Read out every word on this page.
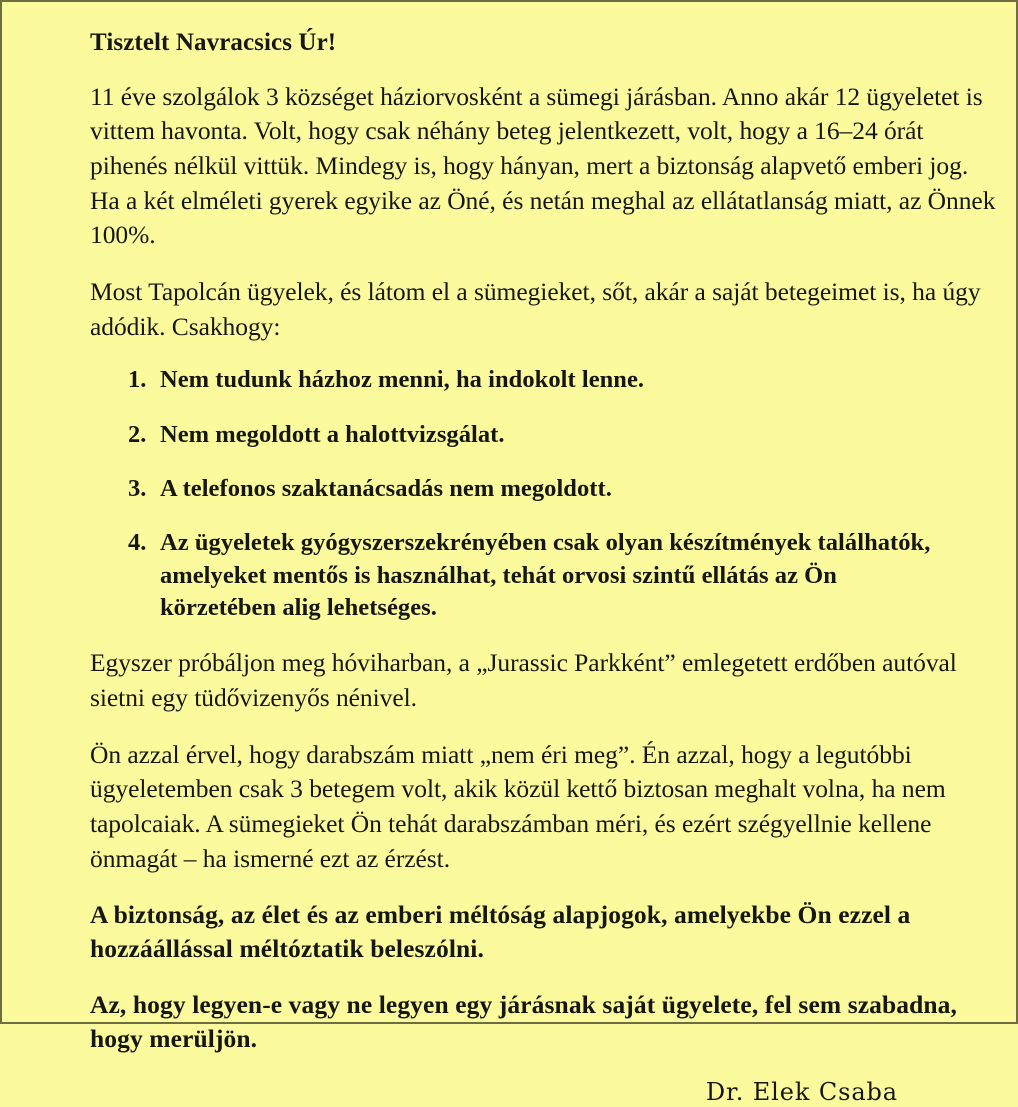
Tisztelt Navracsics Úr!

11 éve szolgálok 3 községet háziorvosként a sümegi járásban. Anno akár 12 ügyeletet is vittem havonta. Volt, hogy csak néhány beteg jelentkezett, volt, hogy a 16–24 órát pihenés nélkül vittük. Mindegy is, hogy hányan, mert a biztonság alapvető emberi jog. Ha a két elméleti gyerek egyike az Öné, és netán meghal az ellátatlanság miatt, az Önnek 100%.

Most Tapolcán ügyelek, és látom el a sümegieket, sőt, akár a saját betegeimet is, ha úgy adódik. Csakhogy:

1. Nem tudunk házhoz menni, ha indokolt lenne.
2. Nem megoldott a halottvizsgálat.
3. A telefonos szaktanácsadás nem megoldott.
4. Az ügyeletek gyógyszerszekrényében csak olyan készítmények találhatók, amelyeket mentős is használhat, tehát orvosi szintű ellátás az Ön körzetében alig lehetséges.

Egyszer próbáljon meg hóviharban, a „Jurassic Parkként” emlegetett erdőben autóval sietni egy tüdővizenyős nénivel.

Ön azzal érvel, hogy darabszám miatt „nem éri meg”. Én azzal, hogy a legutóbbi ügyeletemben csak 3 betegem volt, akik közül kettő biztosan meghalt volna, ha nem tapolcaiak. A sümegieket Ön tehát darabszámban méri, és ezért szégyellnie kellene önmagát – ha ismerné ezt az érzést.

A biztonság, az élet és az emberi méltóság alapjogok, amelyekbe Ön ezzel a hozzáállással méltóztatik beleszólni.

Az, hogy legyen-e vagy ne legyen egy járásnak saját ügyelete, fel sem szabadna, hogy merüljön.

Dr. Elek Csaba
